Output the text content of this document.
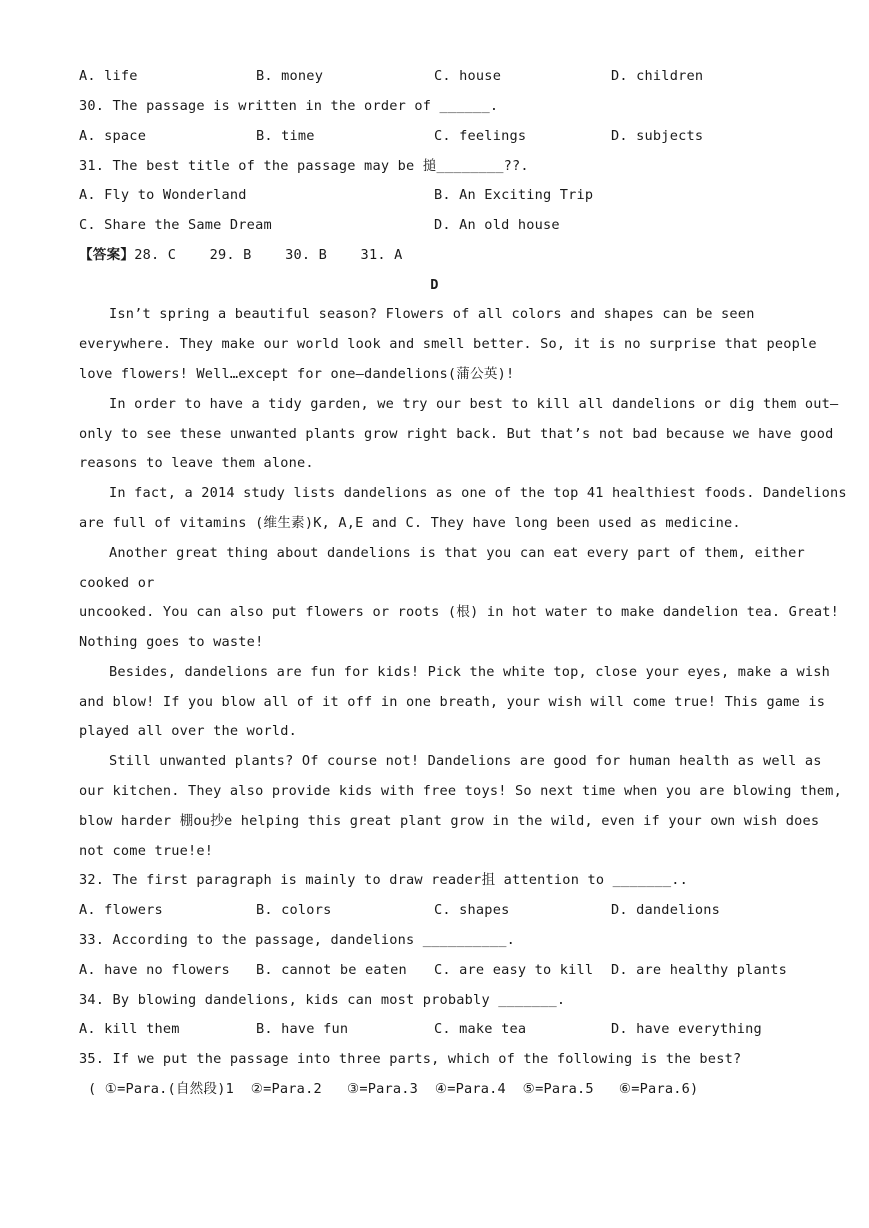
A. life	B. money	C. house	D. children
30. The passage is written in the order of ______.
A. space	B. time	C. feelings	D. subjects
31. The best title of the passage may be 搥________??.
A. Fly to Wonderland	B. An Exciting Trip
C. Share the Same Dream	D. An old house
【答案】28. C    29. B    30. B    31. A
D
Isn’t spring a beautiful season? Flowers of all colors and shapes can be seen
everywhere. They make our world look and smell better. So, it is no surprise that people
love flowers! Well…except for one—dandelions(蒲公英)!
In order to have a tidy garden, we try our best to kill all dandelions or dig them out—
only to see these unwanted plants grow right back. But that’s not bad because we have good
reasons to leave them alone.
In fact, a 2014 study lists dandelions as one of the top 41 healthiest foods. Dandelions
are full of vitamins (维生素)K, A,E and C. They have long been used as medicine.
Another great thing about dandelions is that you can eat every part of them, either
cooked or
uncooked. You can also put flowers or roots (根) in hot water to make dandelion tea. Great!
Nothing goes to waste!
Besides, dandelions are fun for kids! Pick the white top, close your eyes, make a wish
and blow! If you blow all of it off in one breath, your wish will come true! This game is
played all over the world.
Still unwanted plants? Of course not! Dandelions are good for human health as well as
our kitchen. They also provide kids with free toys! So next time when you are blowing them,
blow harder 棚ou抄e helping this great plant grow in the wild, even if your own wish does
not come true!e!
32. The first paragraph is mainly to draw reader抯 attention to _______..
A. flowers	B. colors	C. shapes	D. dandelions
33. According to the passage, dandelions __________.
A. have no flowers B. cannot be eaten C. are easy to kill D. are healthy plants
34. By blowing dandelions, kids can most probably _______.
A. kill them	B. have fun	C. make tea	D. have everything
35. If we put the passage into three parts, which of the following is the best?
( ①=Para.(自然段)1  ②=Para.2   ③=Para.3  ④=Para.4  ⑤=Para.5   ⑥=Para.6)
